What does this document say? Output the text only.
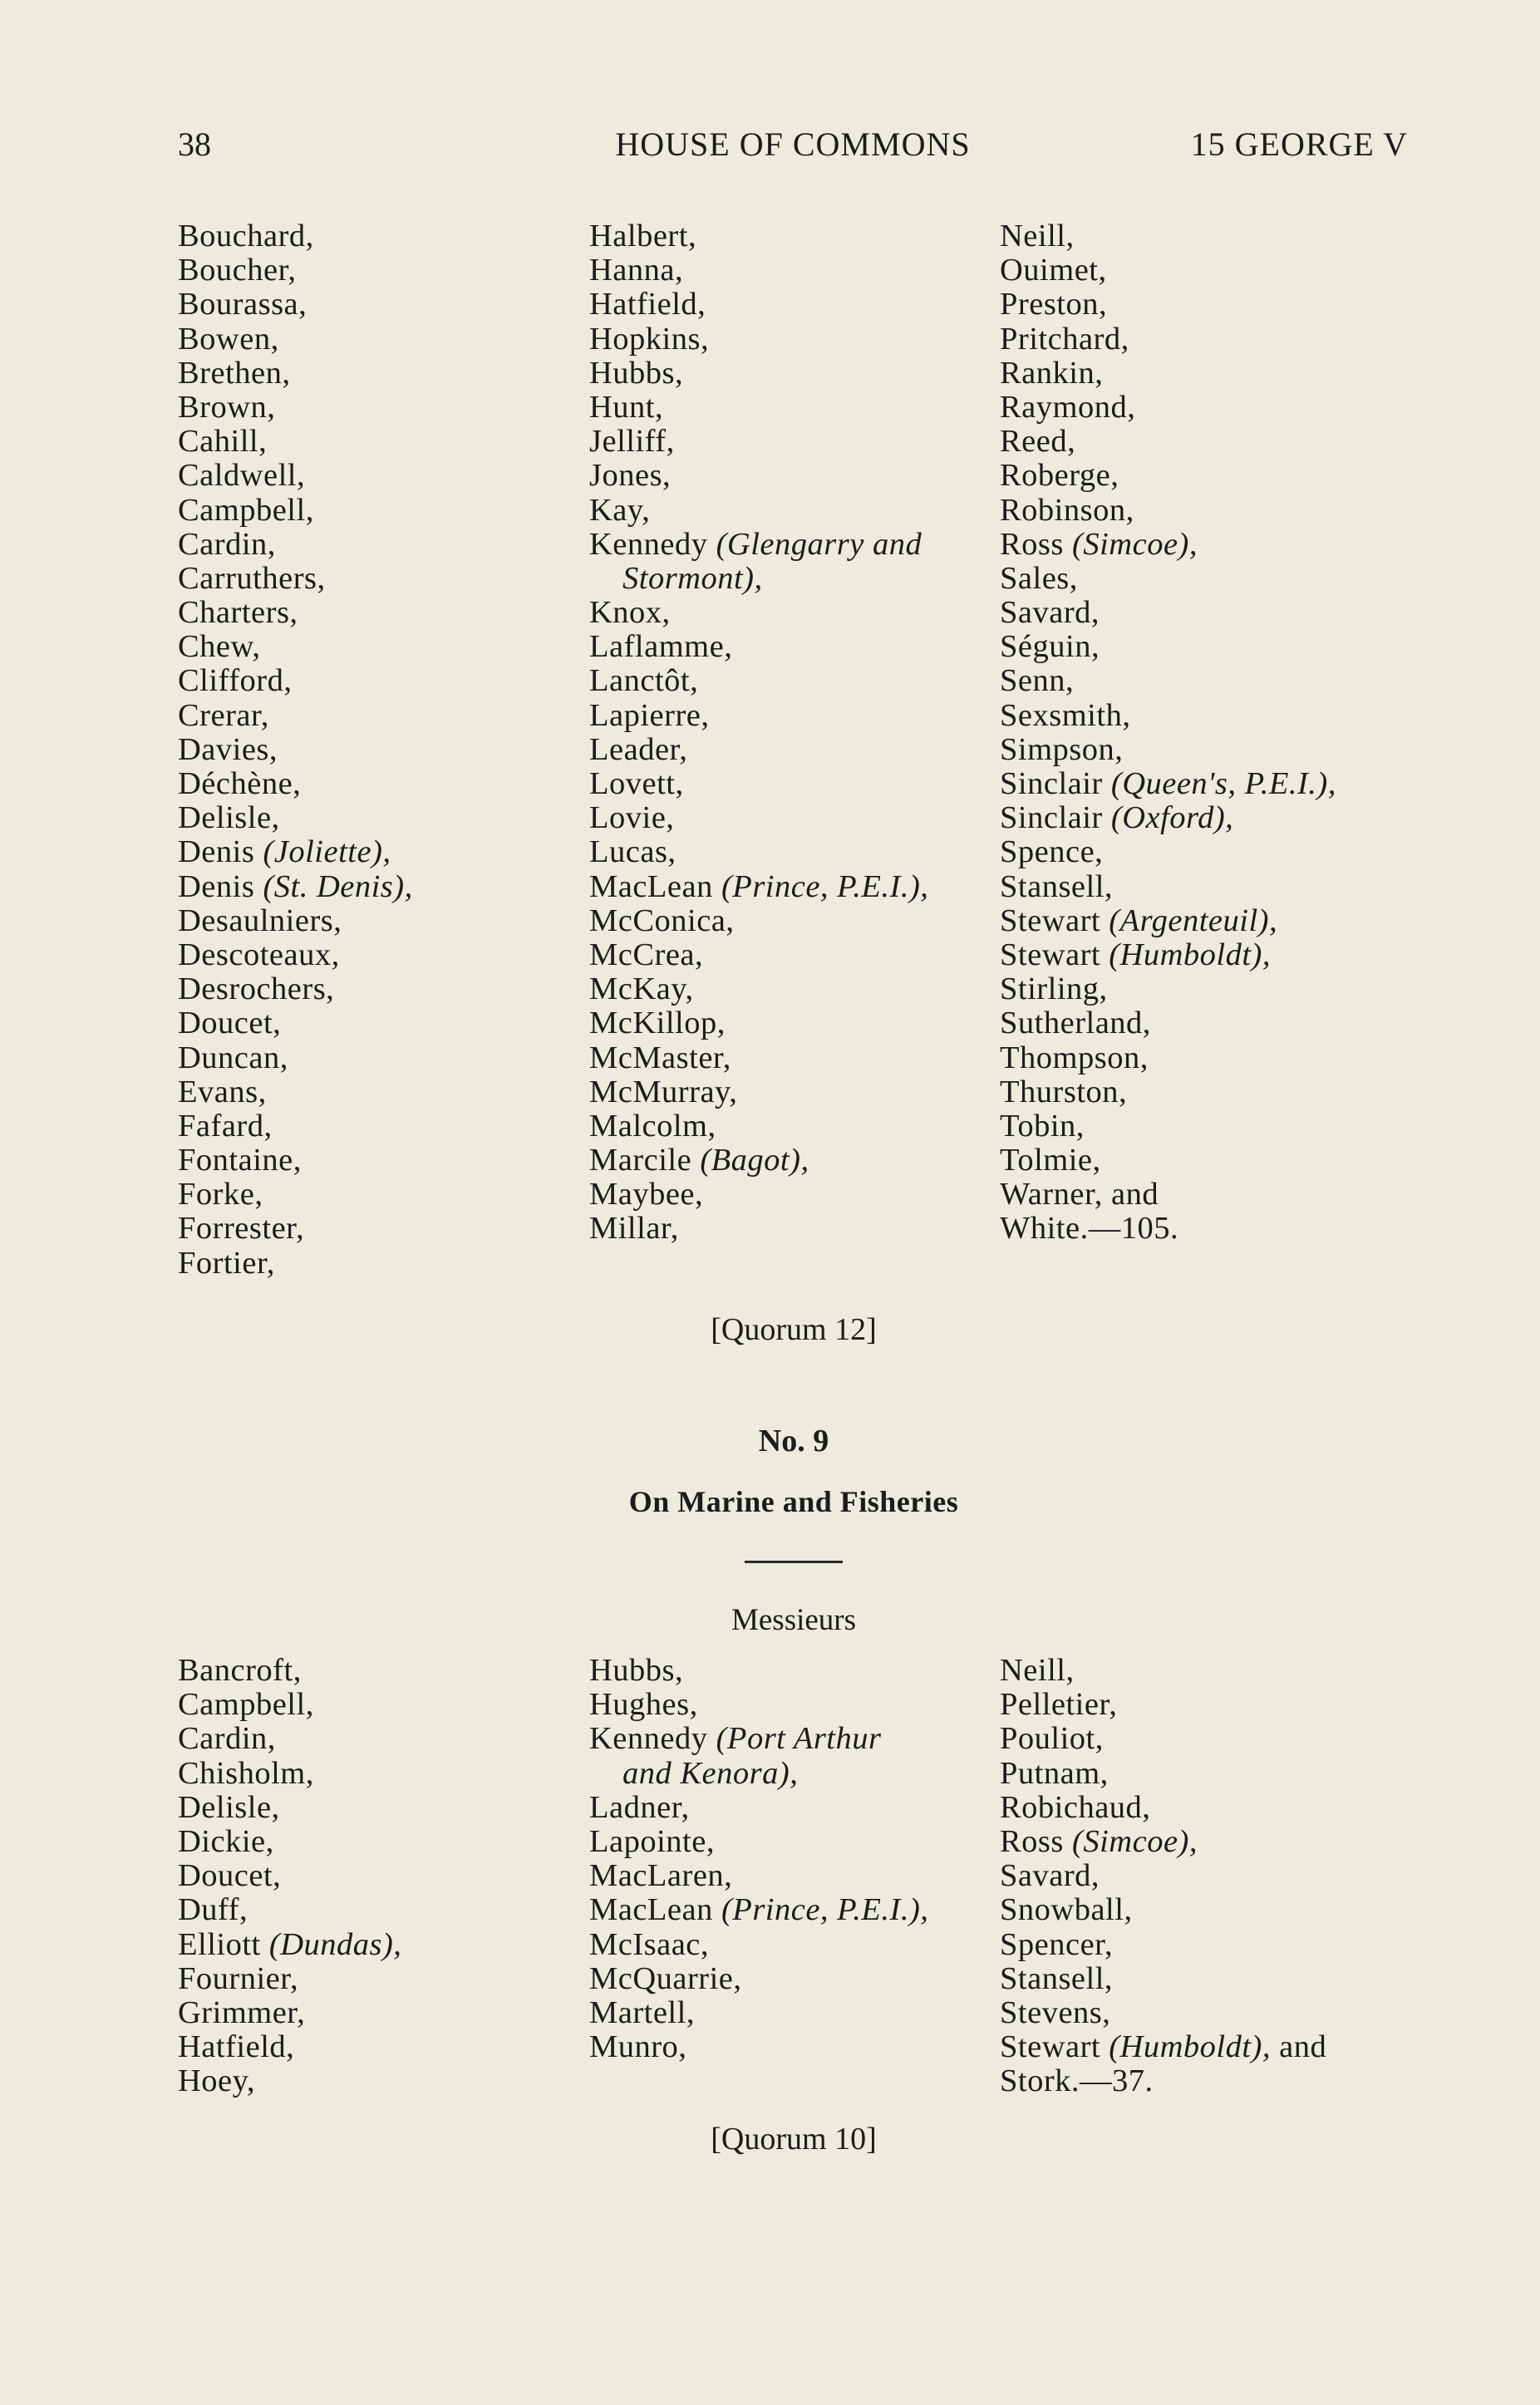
38	HOUSE OF COMMONS	15 GEORGE V
Bouchard,
Boucher,
Bourassa,
Bowen,
Brethen,
Brown,
Cahill,
Caldwell,
Campbell,
Cardin,
Carruthers,
Charters,
Chew,
Clifford,
Crerar,
Davies,
Déchène,
Delisle,
Denis (Joliette),
Denis (St. Denis),
Desaulniers,
Descoteaux,
Desrochers,
Doucet,
Duncan,
Evans,
Fafard,
Fontaine,
Forke,
Forrester,
Fortier,
Halbert,
Hanna,
Hatfield,
Hopkins,
Hubbs,
Hunt,
Jelliff,
Jones,
Kay,
Kennedy (Glengarry and
Stormont),
Knox,
Laflamme,
Lanctôt,
Lapierre,
Leader,
Lovett,
Lovie,
Lucas,
MacLean (Prince, P.E.I.),
McConica,
McCrea,
McKay,
McKillop,
McMaster,
McMurray,
Malcolm,
Marcile (Bagot),
Maybee,
Millar,
Neill,
Ouimet,
Preston,
Pritchard,
Rankin,
Raymond,
Reed,
Roberge,
Robinson,
Ross (Simcoe),
Sales,
Savard,
Séguin,
Senn,
Sexsmith,
Simpson,
Sinclair (Queen's, P.E.I.),
Sinclair (Oxford),
Spence,
Stansell,
Stewart (Argenteuil),
Stewart (Humboldt),
Stirling,
Sutherland,
Thompson,
Thurston,
Tobin,
Tolmie,
Warner, and
White.—105.
[Quorum 12]
No. 9
On Marine and Fisheries
Messieurs
Bancroft,
Campbell,
Cardin,
Chisholm,
Delisle,
Dickie,
Doucet,
Duff,
Elliott (Dundas),
Fournier,
Grimmer,
Hatfield,
Hoey,
Hubbs,
Hughes,
Kennedy (Port Arthur
and Kenora),
Ladner,
Lapointe,
MacLaren,
MacLean (Prince, P.E.I.),
McIsaac,
McQuarrie,
Martell,
Munro,
Neill,
Pelletier,
Pouliot,
Putnam,
Robichaud,
Ross (Simcoe),
Savard,
Snowball,
Spencer,
Stansell,
Stevens,
Stewart (Humboldt), and
Stork.—37.
[Quorum 10]
